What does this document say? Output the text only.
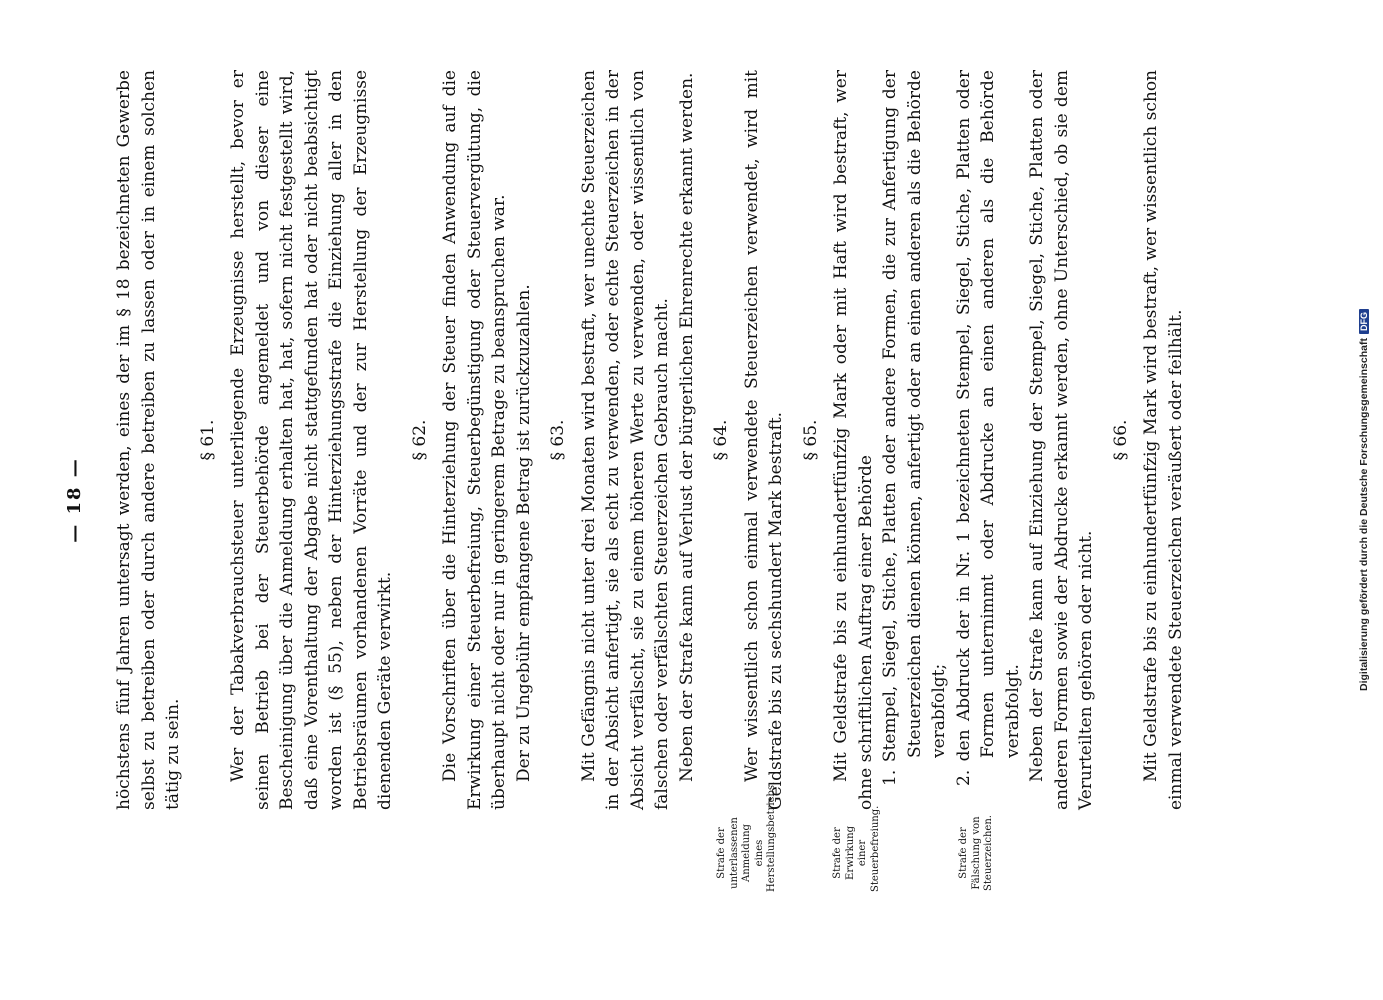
— 18 —
Strafe der unterlassenen Anmeldung eines Herstellungsbetriebs.	Strafe der Erwirkung einer Steuerbefreiung.	Strafe der Fälschung von Steuerzeichen.

höchstens fünf Jahren untersagt werden, eines der im § 18 bezeichneten Gewerbe selbst zu betreiben oder durch andere betreiben zu lassen oder in einem solchen tätig zu sein.

§ 61. Wer der Tabakverbrauchsteuer unterliegende Erzeugnisse herstellt, bevor er seinen Betrieb bei der Steuerbehörde angemeldet und von dieser eine Bescheinigung über die Anmeldung erhalten hat, hat, sofern nicht festgestellt wird, daß eine Vorenthaltung der Abgabe nicht stattgefunden hat oder nicht beabsichtigt worden ist (§ 55), neben der Hinterziehungsstrafe die Einziehung aller in den Betriebsräumen vorhandenen Vorräte und der zur Herstellung der Erzeugnisse dienenden Geräte verwirkt.

§ 62. Die Vorschriften über die Hinterziehung der Steuer finden Anwendung auf die Erwirkung einer Steuerbefreiung, Steuerbegünstigung oder Steuervergütung, die überhaupt nicht oder nur in geringerem Betrage zu beanspruchen war. Der zu Ungebühr empfangene Betrag ist zurückzuzahlen. § 63. Mit Gefängnis nicht unter drei Monaten wird bestraft, wer unechte Steuerzeichen in der Absicht anfertigt, sie als echt zu verwenden, oder echte Steuerzeichen in der Absicht verfälscht, sie zu einem höheren Werte zu verwenden, oder wissentlich von falschen oder verfälschten Steuerzeichen Gebrauch macht. Neben der Strafe kann auf Verlust der bürgerlichen Ehrenrechte erkannt werden. § 64. Wer wissentlich schon einmal verwendete Steuerzeichen verwendet, wird mit Geldstrafe bis zu sechshundert Mark bestraft. § 65. Mit Geldstrafe bis zu einhundertfünfzig Mark oder mit Haft wird bestraft, wer ohne schriftlichen Auftrag einer Behörde 1. Stempel, Siegel, Stiche, Platten oder andere Formen, die zur Anfertigung der Steuerzeichen dienen können, anfertigt oder an einen anderen als die Behörde verabfolgt; 2. den Abdruck der in Nr. 1 bezeichneten Stempel, Siegel, Stiche, Platten oder Formen unternimmt oder Abdrucke an einen anderen als die Behörde verabfolgt. Neben der Strafe kann auf Einziehung der Stempel, Siegel, Stiche, Platten oder anderen Formen sowie der Abdrucke erkannt werden, ohne Unterschied, ob sie dem Verurteilten gehören oder nicht.

§ 66. Mit Geldstrafe bis zu einhundertfünfzig Mark wird bestraft, wer wissentlich schon einmal verwendete Steuerzeichen veräußert oder feilhält.	Digitalisierung gefördert durch die Deutsche ForschungsgemeinschaftDFG
